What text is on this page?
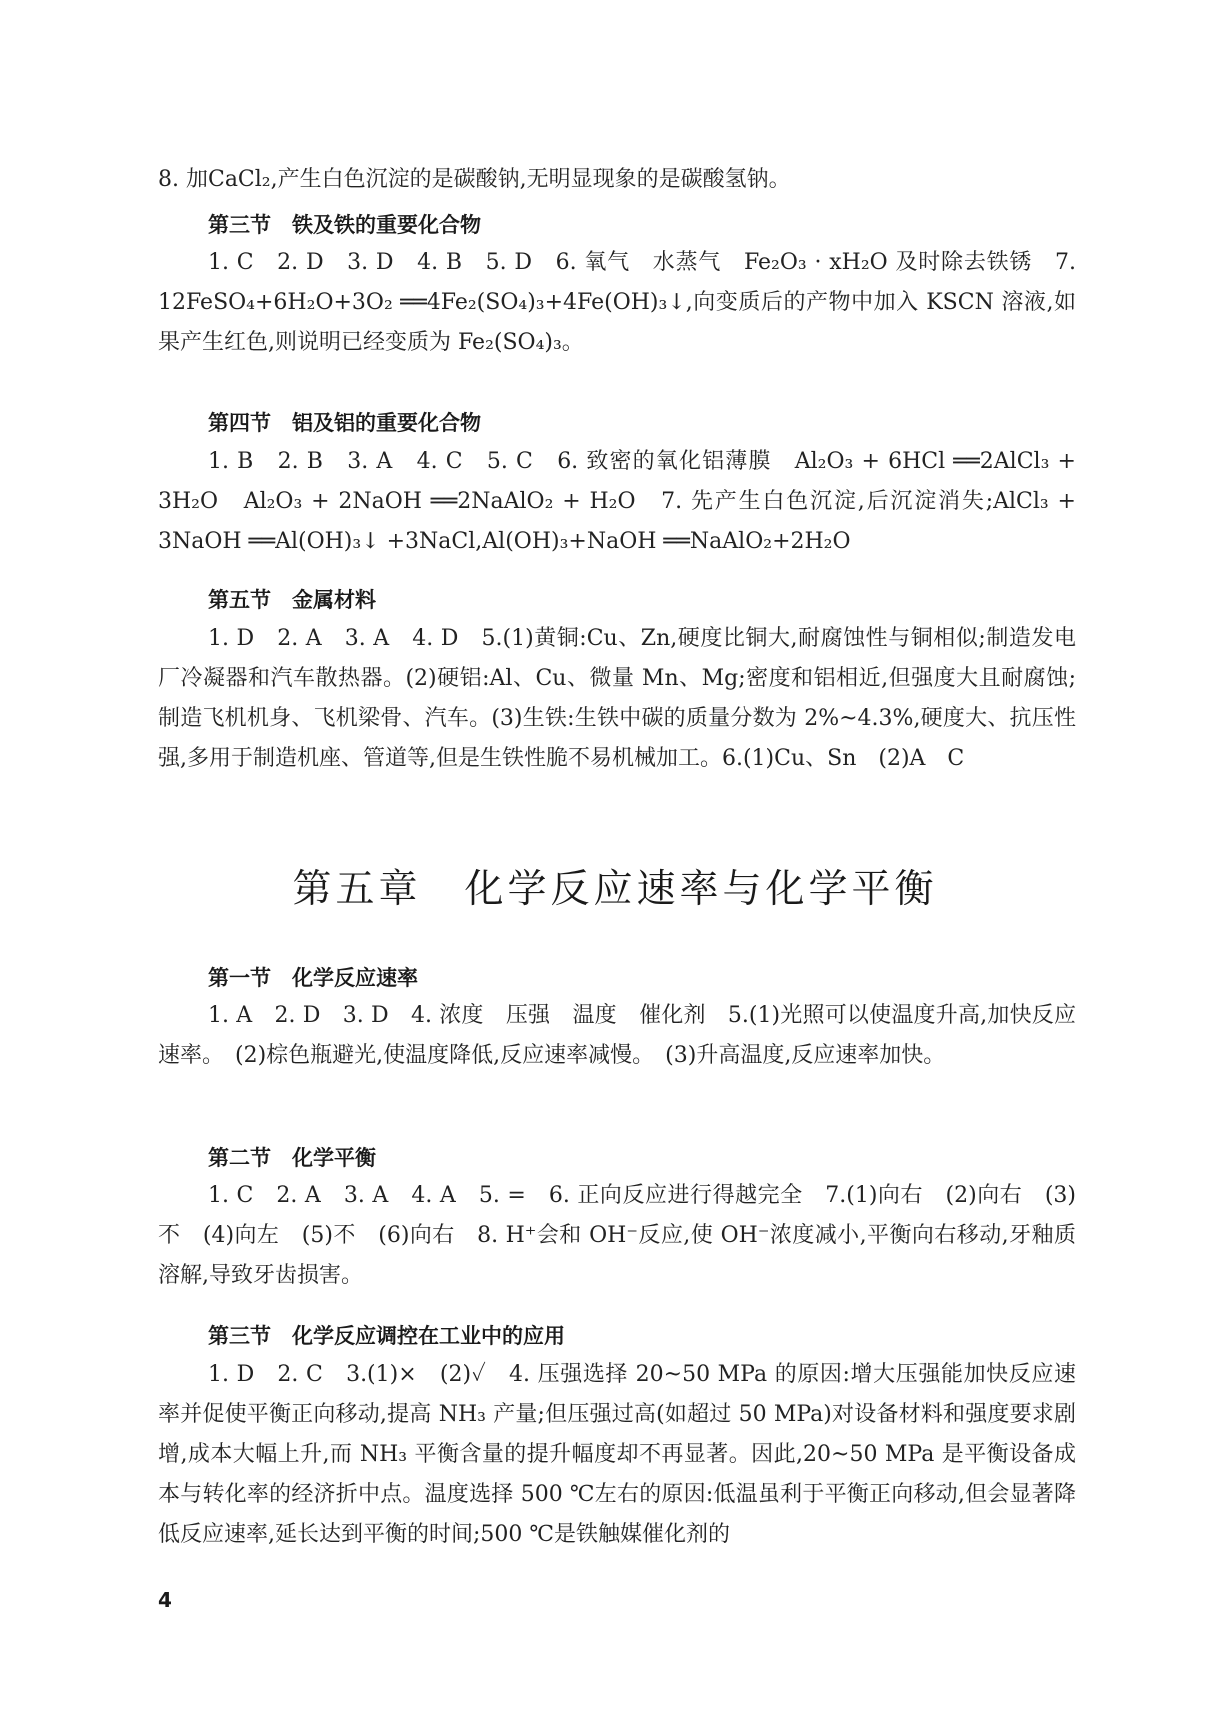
8. 加CaCl₂,产生白色沉淀的是碳酸钠,无明显现象的是碳酸氢钠。
第三节　铁及铁的重要化合物
1. C　2. D　3. D　4. B　5. D　6. 氧气　水蒸气　Fe₂O₃ · xH₂O 及时除去铁锈　7. 12FeSO₄+6H₂O+3O₂ ══4Fe₂(SO₄)₃+4Fe(OH)₃↓,向变质后的产物中加入 KSCN 溶液,如果产生红色,则说明已经变质为 Fe₂(SO₄)₃。
第四节　铝及铝的重要化合物
1. B　2. B　3. A　4. C　5. C　6. 致密的氧化铝薄膜　Al₂O₃ + 6HCl ══2AlCl₃ + 3H₂O　Al₂O₃ + 2NaOH ══2NaAlO₂ + H₂O　7. 先产生白色沉淀,后沉淀消失;AlCl₃ + 3NaOH ══Al(OH)₃↓ +3NaCl,Al(OH)₃+NaOH ══NaAlO₂+2H₂O
第五节　金属材料
1. D　2. A　3. A　4. D　5.(1)黄铜:Cu、Zn,硬度比铜大,耐腐蚀性与铜相似;制造发电厂冷凝器和汽车散热器。(2)硬铝:Al、Cu、微量 Mn、Mg;密度和铝相近,但强度大且耐腐蚀;制造飞机机身、飞机梁骨、汽车。(3)生铁:生铁中碳的质量分数为 2%~4.3%,硬度大、抗压性强,多用于制造机座、管道等,但是生铁性脆不易机械加工。6.(1)Cu、Sn　(2)A　C
第五章　化学反应速率与化学平衡
第一节　化学反应速率
1. A　2. D　3. D　4. 浓度　压强　温度　催化剂　5.(1)光照可以使温度升高,加快反应速率。　(2)棕色瓶避光,使温度降低,反应速率减慢。　(3)升高温度,反应速率加快。
第二节　化学平衡
1. C　2. A　3. A　4. A　5. =　6. 正向反应进行得越完全　7.(1)向右　(2)向右　(3)不　(4)向左　(5)不　(6)向右　8. H⁺会和 OH⁻反应,使 OH⁻浓度减小,平衡向右移动,牙釉质溶解,导致牙齿损害。
第三节　化学反应调控在工业中的应用
1. D　2. C　3.(1)×　(2)✓　4. 压强选择 20~50 MPa 的原因:增大压强能加快反应速率并促使平衡正向移动,提高 NH₃ 产量;但压强过高(如超过 50 MPa)对设备材料和强度要求剧增,成本大幅上升,而 NH₃ 平衡含量的提升幅度却不再显著。因此,20~50 MPa 是平衡设备成本与转化率的经济折中点。温度选择 500 ℃左右的原因:低温虽利于平衡正向移动,但会显著降低反应速率,延长达到平衡的时间;500 ℃是铁触媒催化剂的
4
